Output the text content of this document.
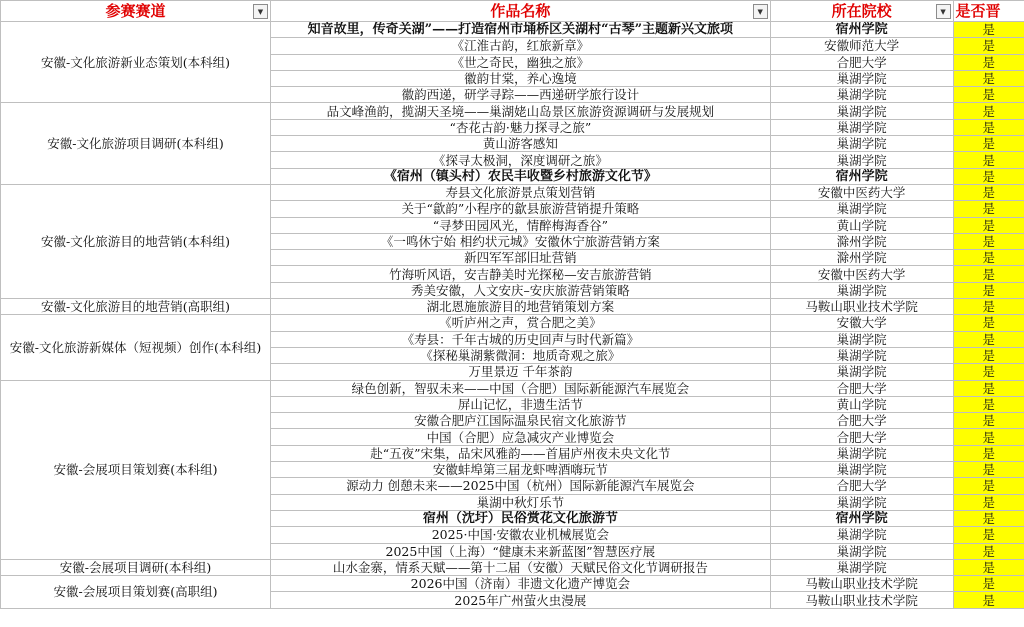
参赛赛道 ▼	作品名称 ▼	所在院校 ▼	是否晋
安徽-文化旅游新业态策划(本科组)	知音故里，传奇关湖”——打造宿州市埇桥区关湖村“古琴”主题新兴文旅项	宿州学院	是
	《江淮古韵，红旅新章》	安徽师范大学	是
	《世之奇民，幽独之旅》	合肥大学	是
	徽韵甘棠，养心逸境	巢湖学院	是
	徽韵西递，研学寻踪——西递研学旅行设计	巢湖学院	是
安徽-文化旅游项目调研(本科组)	品文峰渔韵，揽湖天圣境——巢湖姥山岛景区旅游资源调研与发展规划	巢湖学院	是
	“杏花古韵·魅力探寻之旅”	巢湖学院	是
	黄山游客感知	巢湖学院	是
	《探寻太极洞，深度调研之旅》	巢湖学院	是
	《宿州（镇头村）农民丰收暨乡村旅游文化节》	宿州学院	是
安徽-文化旅游目的地营销(本科组)	寿县文化旅游景点策划营销	安徽中医药大学	是
	关于“歙韵”小程序的歙县旅游营销提升策略	巢湖学院	是
	“寻梦田园风光，情醉梅海香谷”	黄山学院	是
	《一鸣休宁始 相约状元城》安徽休宁旅游营销方案	滁州学院	是
	新四军军部旧址营销	滁州学院	是
	竹海听风语，安吉静美时光探秘—安吉旅游营销	安徽中医药大学	是
	秀美安徽，人文安庆–安庆旅游营销策略	巢湖学院	是
安徽-文化旅游目的地营销(高职组)	湖北恩施旅游目的地营销策划方案	马鞍山职业技术学院	是
安徽-文化旅游新媒体（短视频）创作(本科组)	《听庐州之声，赏合肥之美》	安徽大学	是
	《寿县：千年古城的历史回声与时代新篇》	巢湖学院	是
	《探秘巢湖紫微洞：地质奇观之旅》	巢湖学院	是
	万里景迈 千年茶韵	巢湖学院	是
安徽-会展项目策划赛(本科组)	绿色创新，智驭未来——中国（合肥）国际新能源汽车展览会	合肥大学	是
	屏山记忆，非遗生活节	黄山学院	是
	安徽合肥庐江国际温泉民宿文化旅游节	合肥大学	是
	中国（合肥）应急减灾产业博览会	合肥大学	是
	赴“五夜”宋集，品宋风雅韵——首届庐州夜未央文化节	巢湖学院	是
	安徽蚌埠第三届龙虾啤酒嗨玩节	巢湖学院	是
	源动力 创憩未来——2025中国（杭州）国际新能源汽车展览会	合肥大学	是
	巢湖中秋灯乐节	巢湖学院	是
	宿州（沈圩）民俗赏花文化旅游节	宿州学院	是
	2025·中国·安徽农业机械展览会	巢湖学院	是
	2025中国（上海）“健康未来新蓝图”智慧医疗展	巢湖学院	是
安徽-会展项目调研(本科组)	山水金寨，情系天赋——第十二届（安徽）天赋民俗文化节调研报告	巢湖学院	是
安徽-会展项目策划赛(高职组)	2026中国（济南）非遗文化遗产博览会	马鞍山职业技术学院	是
	2025年广州萤火虫漫展	马鞍山职业技术学院	是
